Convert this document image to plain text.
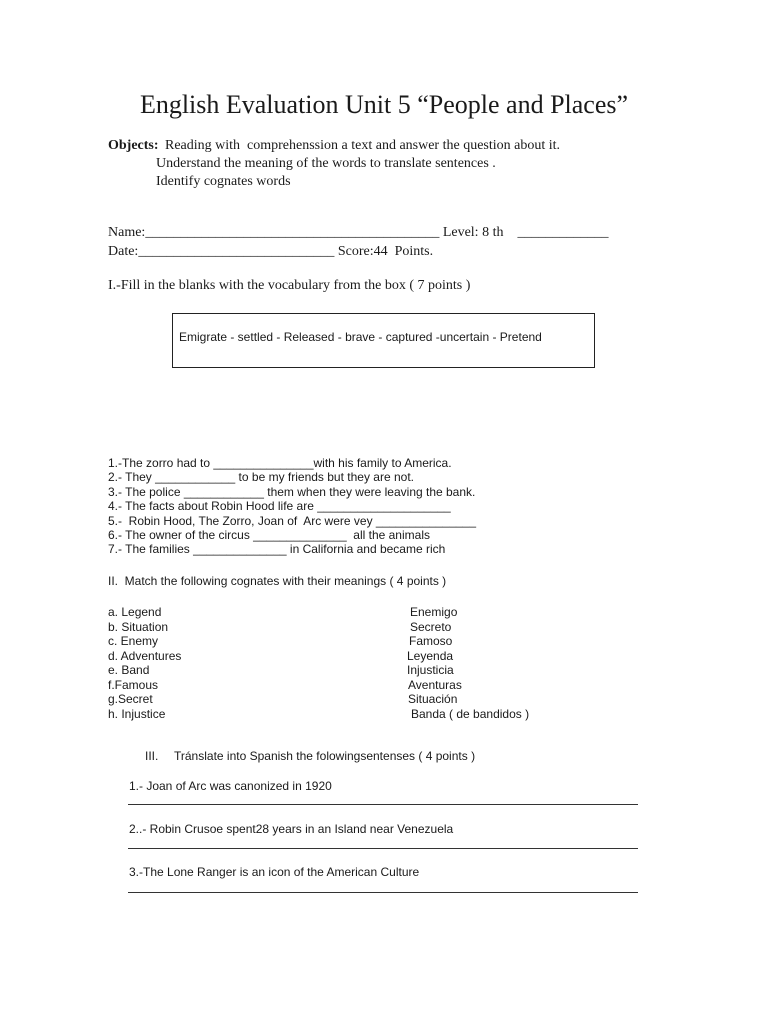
English Evaluation Unit 5 “People and Places”
Objects: Reading with  comprehenssion a text and answer the question about it.
Understand the meaning of the words to translate sentences .
Identify cognates words
Name:__________________________________________ Level: 8 th    _____________
Date:____________________________ Score:44  Points.
I.-Fill in the blanks with the vocabulary from the box ( 7 points )
Emigrate - settled - Released - brave - captured -uncertain - Pretend
1.-The zorro had to _______________with his family to America.
2.- They ____________ to be my friends but they are not.
3.- The police ____________ them when they were leaving the bank.
4.- The facts about Robin Hood life are ____________________
5.-  Robin Hood, The Zorro, Joan of  Arc were vey _______________
6.- The owner of the circus ______________  all the animals
7.- The families ______________ in California and became rich
II.  Match the following cognates with their meanings ( 4 points )
a. Legend
b. Situation
c. Enemy
d. Adventures
e. Band
f.Famous
g.Secret
h. Injustice
Enemigo
Secreto
Famoso
Leyenda
Injusticia
Aventuras
Situación
Banda ( de bandidos )
III. Tránslate into Spanish the folowingsentenses ( 4 points )
1.- Joan of Arc was canonized in 1920
2..- Robin Crusoe spent28 years in an Island near Venezuela
3.-The Lone Ranger is an icon of the American Culture
